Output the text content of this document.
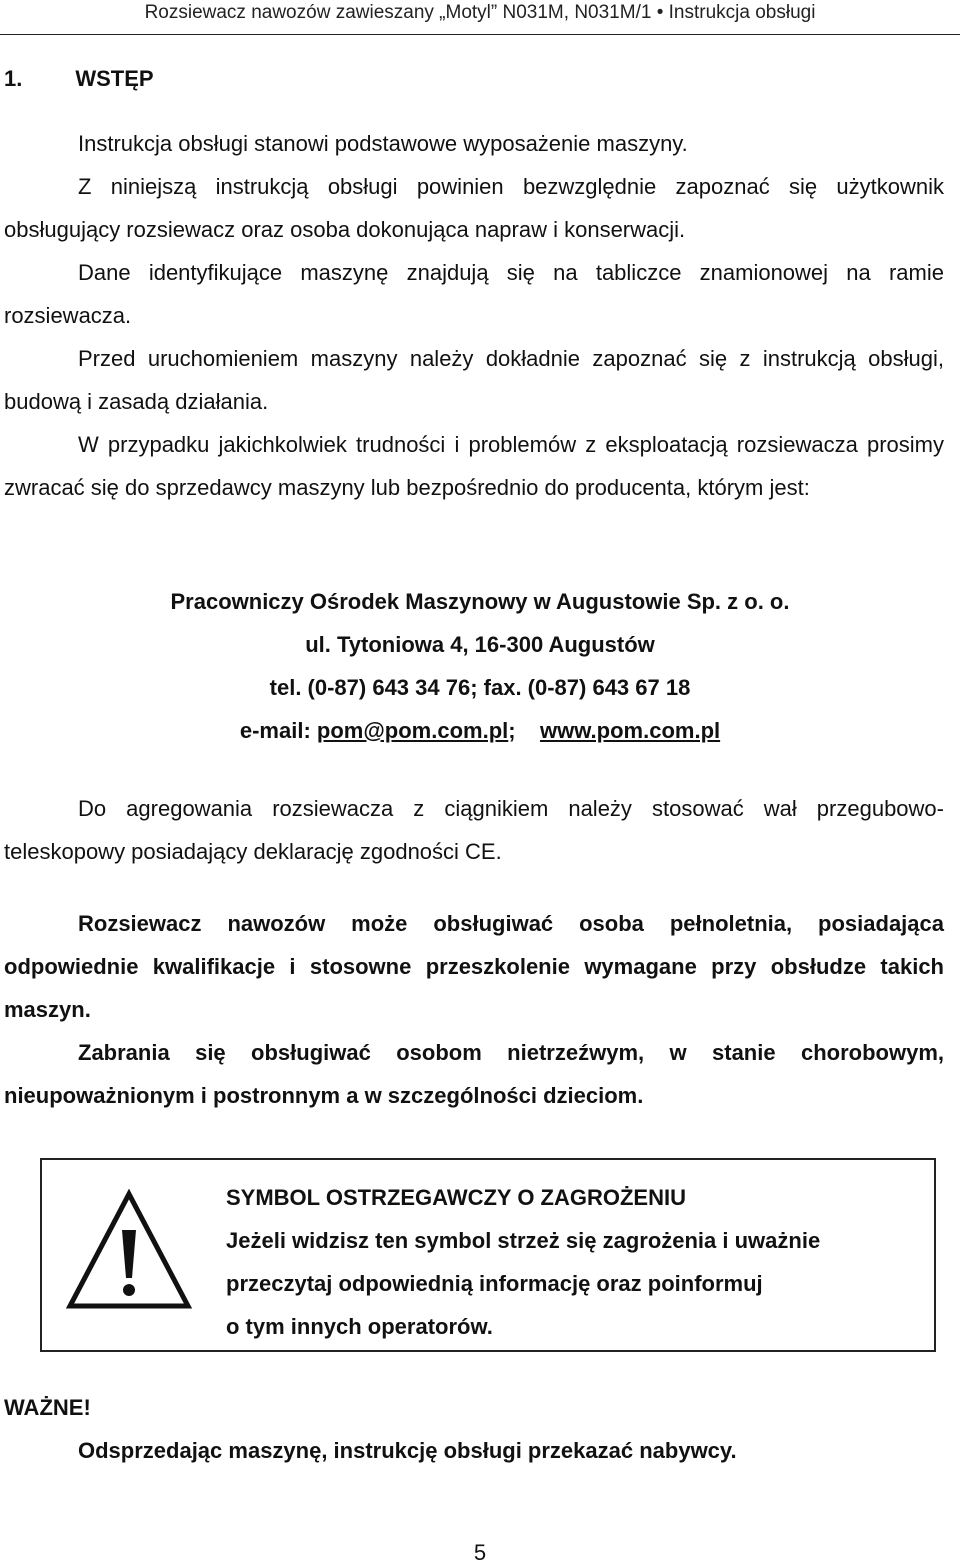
Rozsiewacz nawozów zawieszany „Motyl” N031M, N031M/1 • Instrukcja obsługi
1. WSTĘP

Instrukcja obsługi stanowi podstawowe wyposażenie maszyny.

Z niniejszą instrukcją obsługi powinien bezwzględnie zapoznać się użytkownik obsługujący rozsiewacz oraz osoba dokonująca napraw i konserwacji.

Dane identyfikujące maszynę znajdują się na tabliczce znamionowej na ramie rozsiewacza.

Przed uruchomieniem maszyny należy dokładnie zapoznać się z instrukcją obsługi, budową i zasadą działania.

W przypadku jakichkolwiek trudności i problemów z eksploatacją rozsiewacza prosimy zwracać się do sprzedawcy maszyny lub bezpośrednio do producenta, którym jest:

Pracowniczy Ośrodek Maszynowy w Augustowie Sp. z o. o.
ul. Tytoniowa 4, 16-300 Augustów
tel. (0-87) 643 34 76; fax. (0-87) 643 67 18
e-mail: pom@pom.com.pl; www.pom.com.pl

Do agregowania rozsiewacza z ciągnikiem należy stosować wał przegubowo-teleskopowy posiadający deklarację zgodności CE.

Rozsiewacz nawozów może obsługiwać osoba pełnoletnia, posiadająca odpowiednie kwalifikacje i stosowne przeszkolenie wymagane przy obsłudze takich maszyn.

Zabrania się obsługiwać osobom nietrzeźwym, w stanie chorobowym, nieupoważnionym i postronnym a w szczególności dzieciom.

SYMBOL OSTRZEGAWCZY O ZAGROŻENIU
Jeżeli widzisz ten symbol strzeż się zagrożenia i uważnie
przeczytaj odpowiednią informację oraz poinformuj
o tym innych operatorów.
WAŻNE!
Odsprzedając maszynę, instrukcję obsługi przekazać nabywcy.
5
